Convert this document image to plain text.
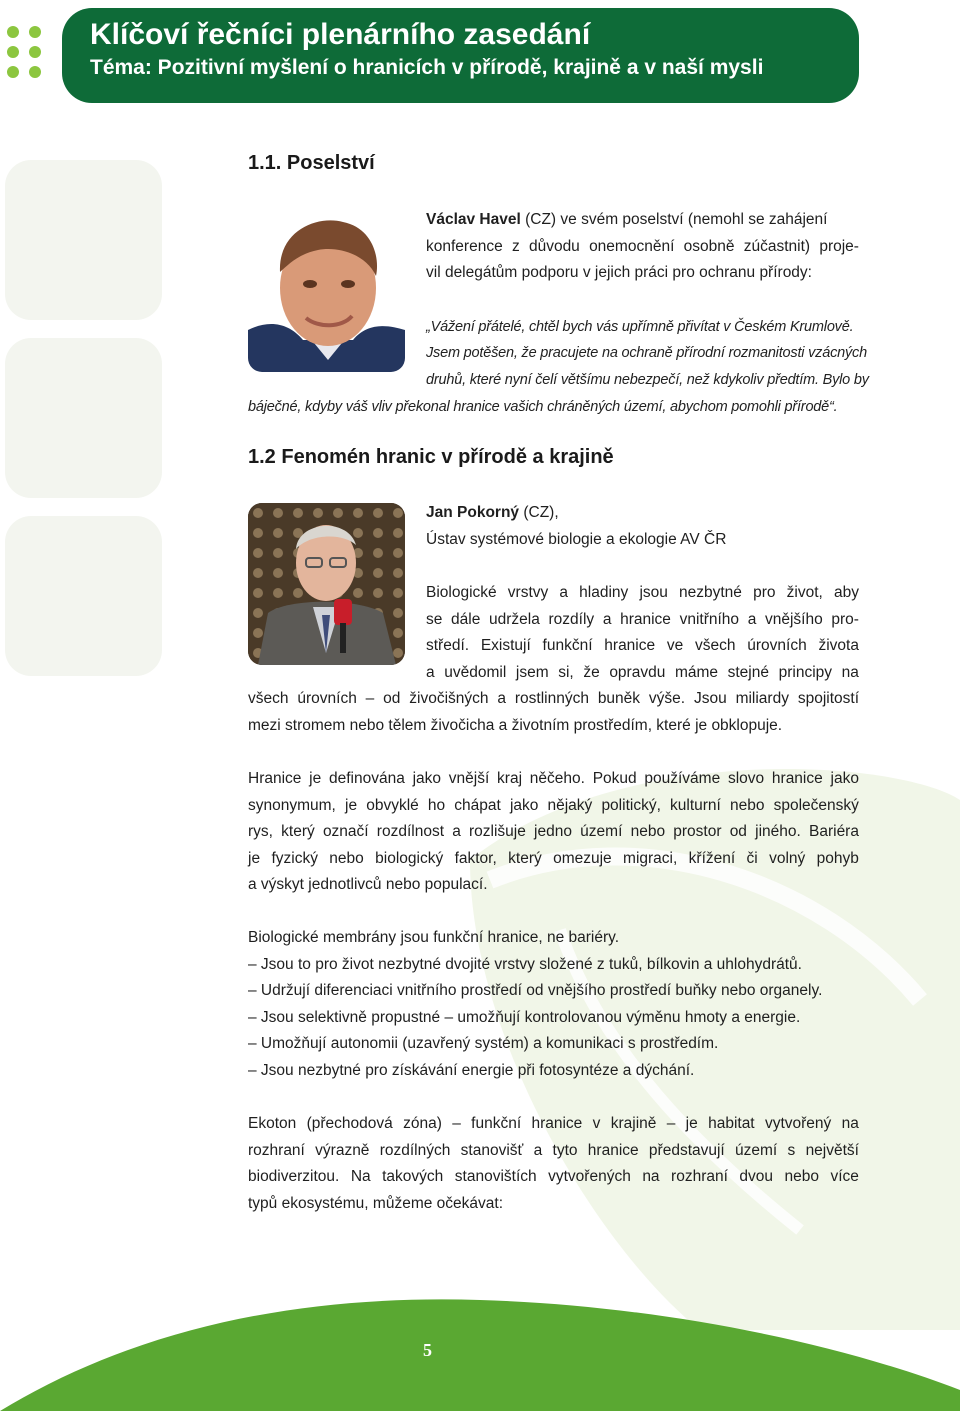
Klíčoví řečníci plenárního zasedání
Téma: Pozitivní myšlení o hranicích v přírodě, krajině a v naší mysli
1.1. Poselství
Václav Havel (CZ) ve svém poselství (nemohl se zahájení
konference z důvodu onemocnění osobně zúčastnit) proje-
vil delegátům podporu v jejich práci pro ochranu přírody:
„Vážení přátelé, chtěl bych vás upřímně přivítat v Českém Krumlově.
Jsem potěšen, že pracujete na ochraně přírodní rozmanitosti vzácných
druhů, které nyní čelí většímu nebezpečí, než kdykoliv předtím. Bylo by
báječné, kdyby váš vliv překonal hranice vašich chráněných území, abychom pomohli přírodě“.
1.2 Fenomén hranic v přírodě a krajině
Jan Pokorný (CZ),
Ústav systémové biologie a ekologie AV ČR
Biologické vrstvy a hladiny jsou nezbytné pro život, aby
se dále udržela rozdíly a hranice vnitřního a vnějšího pro-
středí. Existují funkční hranice ve všech úrovních života
a uvědomil jsem si, že opravdu máme stejné principy na
všech úrovních – od živočišných a rostlinných buněk výše. Jsou miliardy spojitostí
mezi stromem nebo tělem živočicha a životním prostředím, které je obklopuje.
Hranice je definována jako vnější kraj něčeho. Pokud používáme slovo hranice jako
synonymum, je obvyklé ho chápat jako nějaký politický, kulturní nebo společenský
rys, který označí rozdílnost a rozlišuje jedno území nebo prostor od jiného. Bariéra
je fyzický nebo biologický faktor, který omezuje migraci, křížení či volný pohyb
a výskyt jednotlivců nebo populací.
Biologické membrány jsou funkční hranice, ne bariéry.
– Jsou to pro život nezbytné dvojité vrstvy složené z tuků, bílkovin a uhlohydrátů.
– Udržují diferenciaci vnitřního prostředí od vnějšího prostředí buňky nebo organely.
– Jsou selektivně propustné – umožňují kontrolovanou výměnu hmoty a energie.
– Umožňují autonomii (uzavřený systém) a komunikaci s prostředím.
– Jsou nezbytné pro získávání energie při fotosyntéze a dýchání.
Ekoton (přechodová zóna) – funkční hranice v krajině – je habitat vytvořený na
rozhraní výrazně rozdílných stanovišť a tyto hranice představují území s největší
biodiverzitou. Na takových stanovištích vytvořených na rozhraní dvou nebo více
typů ekosystému, můžeme očekávat:
5
